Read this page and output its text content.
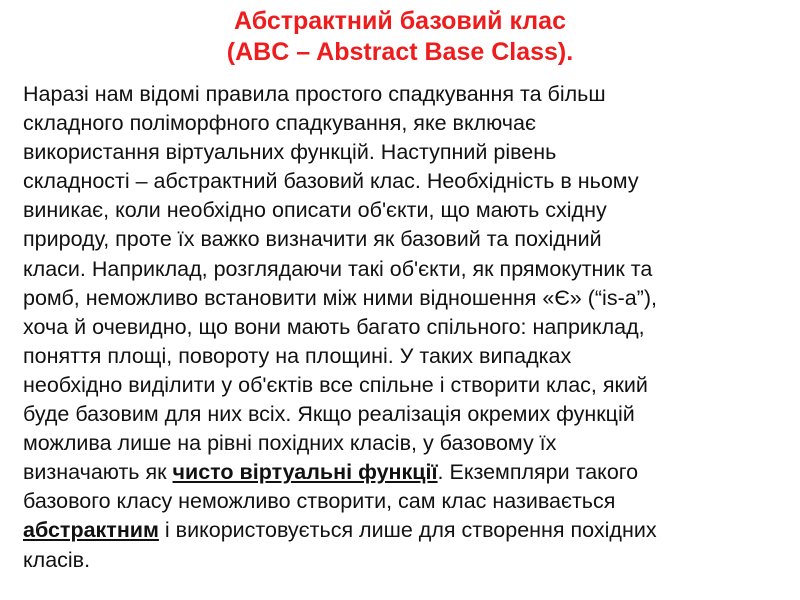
Абстрактний базовий клас
(ABC – Abstract Base Class).
Наразі нам відомі правила простого спадкування та більш
складного поліморфного спадкування, яке включає
використання віртуальних функцій. Наступний рівень
складності – абстрактний базовий клас. Необхідність в ньому
виникає, коли необхідно описати об'єкти, що мають східну
природу, проте їх важко визначити як базовий та похідний
класи. Наприклад, розглядаючи такі об'єкти, як прямокутник та
ромб, неможливо встановити між ними відношення «Є» (“is-a”),
хоча й очевидно, що вони мають багато спільного: наприклад,
поняття площі, повороту на площині. У таких випадках
необхідно виділити у об'єктів все спільне і створити клас, який
буде базовим для них всіх. Якщо реалізація окремих функцій
можлива лише на рівні похідних класів, у базовому їх
визначають як чисто віртуальні функції. Екземпляри такого
базового класу неможливо створити, сам клас називається
абстрактним і використовується лише для створення похідних
класів.
